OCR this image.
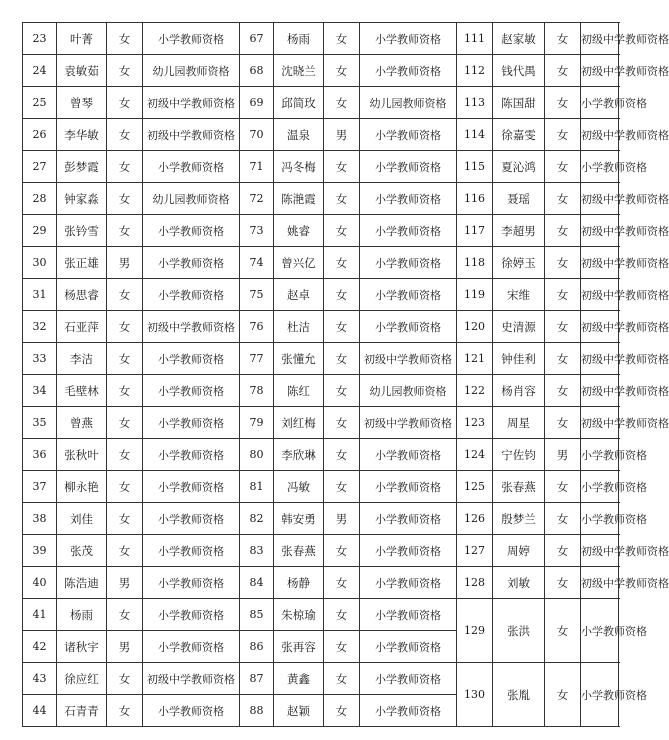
23	叶菁	女	小学教师资格	67	杨雨	女	小学教师资格	111	赵家敏	女	初级中学教师资格
24	袁敏茹	女	幼儿园教师资格	68	沈晓兰	女	小学教师资格	112	钱代禺	女	初级中学教师资格
25	曾琴	女	初级中学教师资格	69	邱简玫	女	幼儿园教师资格	113	陈国甜	女	小学教师资格
26	李华敏	女	初级中学教师资格	70	温泉	男	小学教师资格	114	徐嘉雯	女	初级中学教师资格
27	彭梦霞	女	小学教师资格	71	冯冬梅	女	小学教师资格	115	夏沁鸿	女	小学教师资格
28	钟家淼	女	幼儿园教师资格	72	陈滟霞	女	小学教师资格	116	聂瑶	女	初级中学教师资格
29	张钤雪	女	小学教师资格	73	姚睿	女	小学教师资格	117	李超男	女	初级中学教师资格
30	张正雄	男	小学教师资格	74	曾兴亿	女	小学教师资格	118	徐婷玉	女	初级中学教师资格
31	杨思睿	女	小学教师资格	75	赵卓	女	小学教师资格	119	宋维	女	初级中学教师资格
32	石亚萍	女	初级中学教师资格	76	杜洁	女	小学教师资格	120	史清源	女	初级中学教师资格
33	李洁	女	小学教师资格	77	张懂允	女	初级中学教师资格	121	钟佳利	女	初级中学教师资格
34	毛壁林	女	小学教师资格	78	陈红	女	幼儿园教师资格	122	杨肖容	女	初级中学教师资格
35	曾燕	女	小学教师资格	79	刘红梅	女	初级中学教师资格	123	周星	女	初级中学教师资格
36	张秋叶	女	小学教师资格	80	李欣琳	女	小学教师资格	124	宁佐钧	男	小学教师资格
37	柳永艳	女	小学教师资格	81	冯敏	女	小学教师资格	125	张春燕	女	小学教师资格
38	刘佳	女	小学教师资格	82	韩安勇	男	小学教师资格	126	殷梦兰	女	小学教师资格
39	张茂	女	小学教师资格	83	张春燕	女	小学教师资格	127	周婷	女	初级中学教师资格
40	陈浩迪	男	小学教师资格	84	杨静	女	小学教师资格	128	刘敏	女	初级中学教师资格
41	杨雨	女	小学教师资格	85	朱椋瑜	女	小学教师资格	129	张洪	女	小学教师资格
42	诸秋宇	男	小学教师资格	86	张再容	女	小学教师资格				
43	徐应红	女	初级中学教师资格	87	黄鑫	女	小学教师资格	130	张胤	女	小学教师资格
44	石青青	女	小学教师资格	88	赵颖	女	小学教师资格				
